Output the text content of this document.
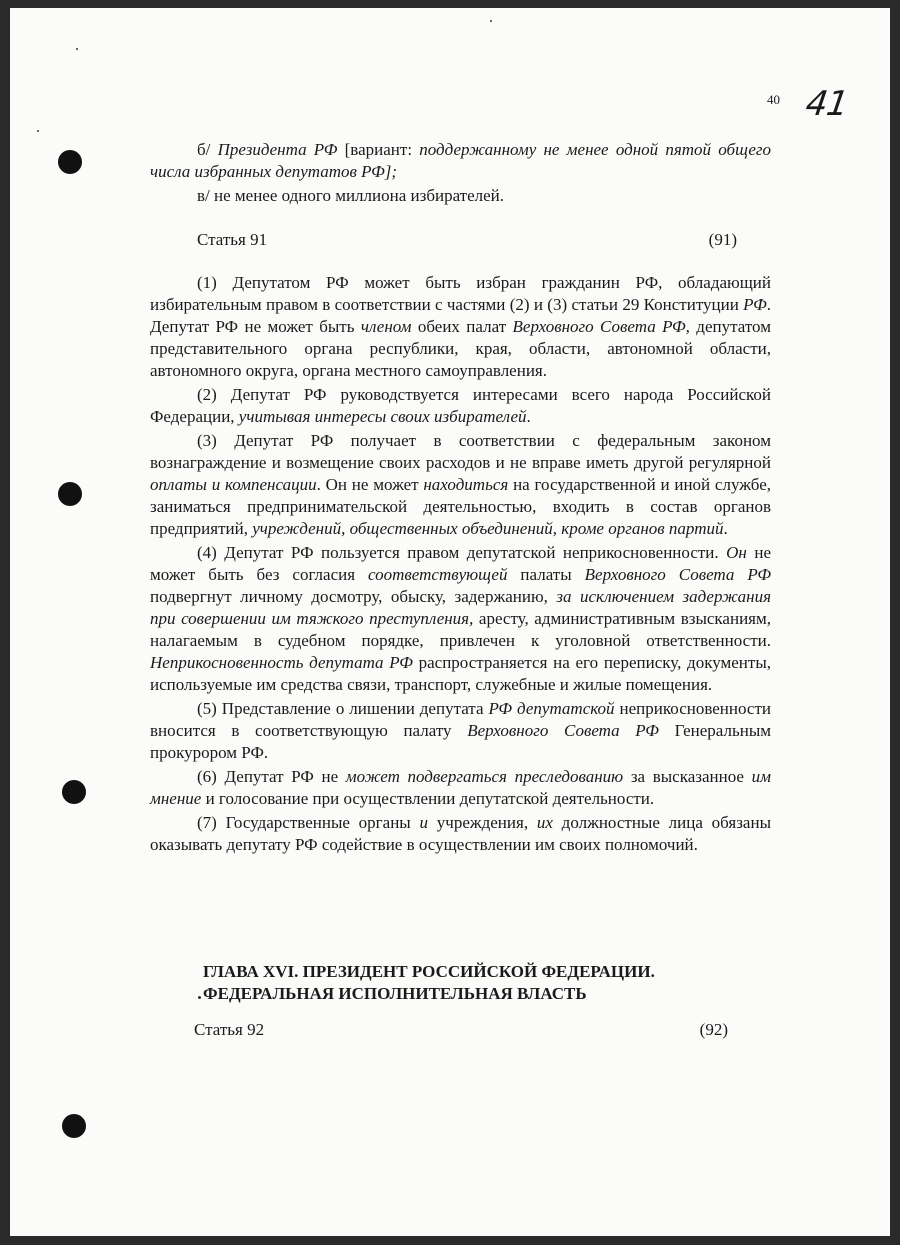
40 41

б/ Президента РФ [вариант: поддержанному не менее одной пятой общего числа избранных депутатов РФ];

в/ не менее одного миллиона избирателей.

Статья 91	(91)

(1) Депутатом РФ может быть избран гражданин РФ, обладающий избирательным правом в соответствии с частями (2) и (3) статьи 29 Конституции РФ. Депутат РФ не может быть членом обеих палат Верховного Совета РФ, депутатом представительного органа республики, края, области, автономной области, автономного округа, органа местного самоуправления.

(2) Депутат РФ руководствуется интересами всего народа Российской Федерации, учитывая интересы своих избирателей.

(3) Депутат РФ получает в соответствии с федеральным законом вознаграждение и возмещение своих расходов и не вправе иметь другой регулярной оплаты и компенсации. Он не может находиться на государственной и иной службе, заниматься предпринимательской деятельностью, входить в состав органов предприятий, учреждений, общественных объединений, кроме органов партий.

(4) Депутат РФ пользуется правом депутатской неприкосновенности. Он не может быть без согласия соответствующей палаты Верховного Совета РФ подвергнут личному досмотру, обыску, задержанию, за исключением задержания при совершении им тяжкого преступления, аресту, административным взысканиям, налагаемым в судебном порядке, привлечен к уголовной ответственности. Неприкосновенность депутата РФ распространяется на его переписку, документы, используемые им средства связи, транспорт, служебные и жилые помещения.

(5) Представление о лишении депутата РФ депутатской неприкосновенности вносится в соответствующую палату Верховного Совета РФ Генеральным прокурором РФ.

(6) Депутат РФ не может подвергаться преследованию за высказанное им мнение и голосование при осуществлении депутатской деятельности.

(7) Государственные органы и учреждения, их должностные лица обязаны оказывать депутату РФ содействие в осуществлении им своих полномочий.

ГЛАВА XVI. ПРЕЗИДЕНТ РОССИЙСКОЙ ФЕДЕРАЦИИ.
ФЕДЕРАЛЬНАЯ ИСПОЛНИТЕЛЬНАЯ ВЛАСТЬ
Статья 92	(92)
